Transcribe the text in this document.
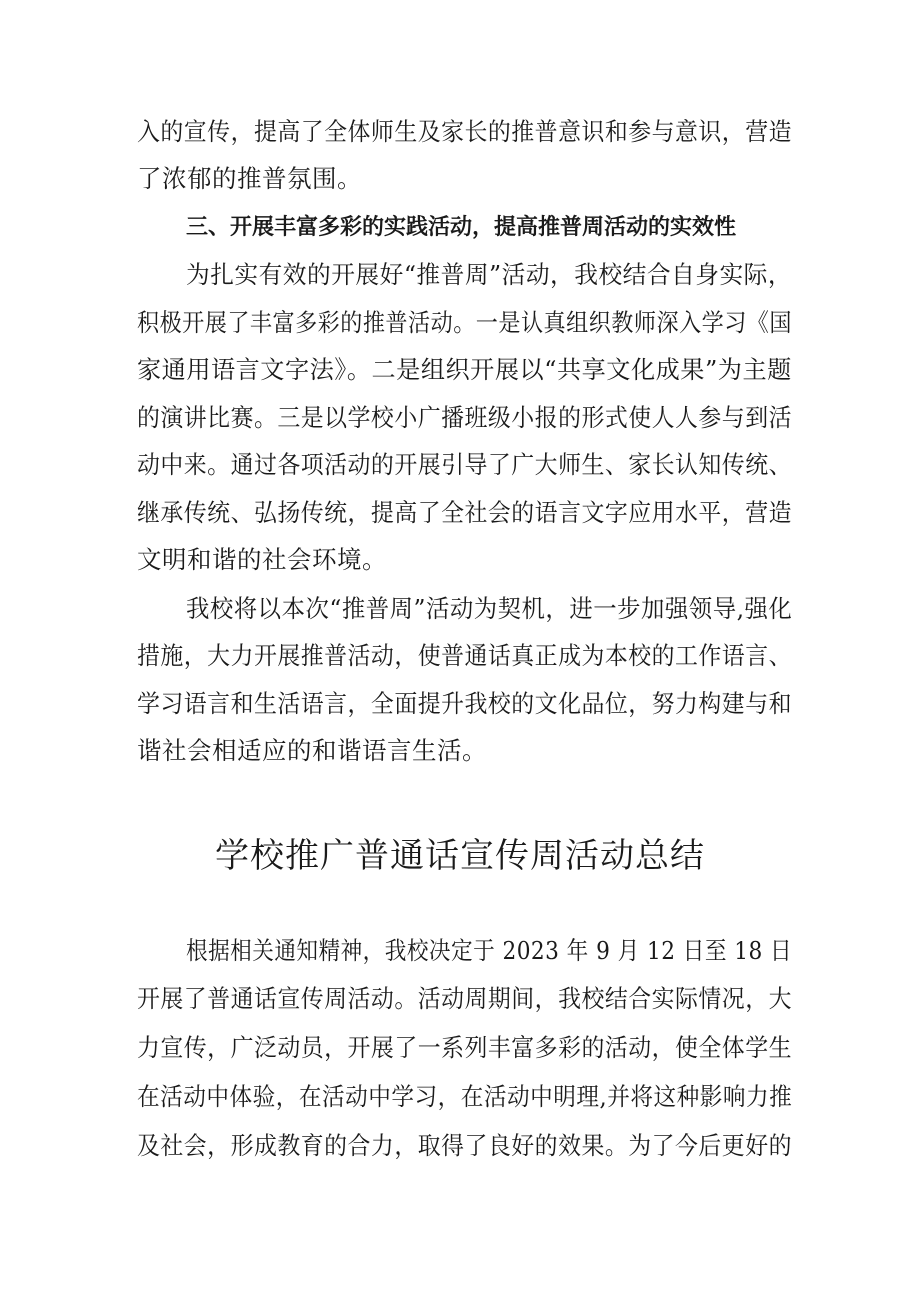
入的宣传，提高了全体师生及家长的推普意识和参与意识，营造
了浓郁的推普氛围。
三、开展丰富多彩的实践活动，提高推普周活动的实效性
为扎实有效的开展好“推普周”活动，我校结合自身实际，
积极开展了丰富多彩的推普活动。一是认真组织教师深入学习《国
家通用语言文字法》。二是组织开展以“共享文化成果”为主题
的演讲比赛。三是以学校小广播班级小报的形式使人人参与到活
动中来。通过各项活动的开展引导了广大师生、家长认知传统、
继承传统、弘扬传统，提高了全社会的语言文字应用水平，营造
文明和谐的社会环境。
我校将以本次“推普周”活动为契机，进一步加强领导,强化
措施，大力开展推普活动，使普通话真正成为本校的工作语言、
学习语言和生活语言，全面提升我校的文化品位，努力构建与和
谐社会相适应的和谐语言生活。
学校推广普通话宣传周活动总结
根据相关通知精神，我校决定于 2023 年 9 月 12 日至 18 日
开展了普通话宣传周活动。活动周期间，我校结合实际情况，大
力宣传，广泛动员，开展了一系列丰富多彩的活动，使全体学生
在活动中体验，在活动中学习，在活动中明理,并将这种影响力推
及社会，形成教育的合力，取得了良好的效果。为了今后更好的
